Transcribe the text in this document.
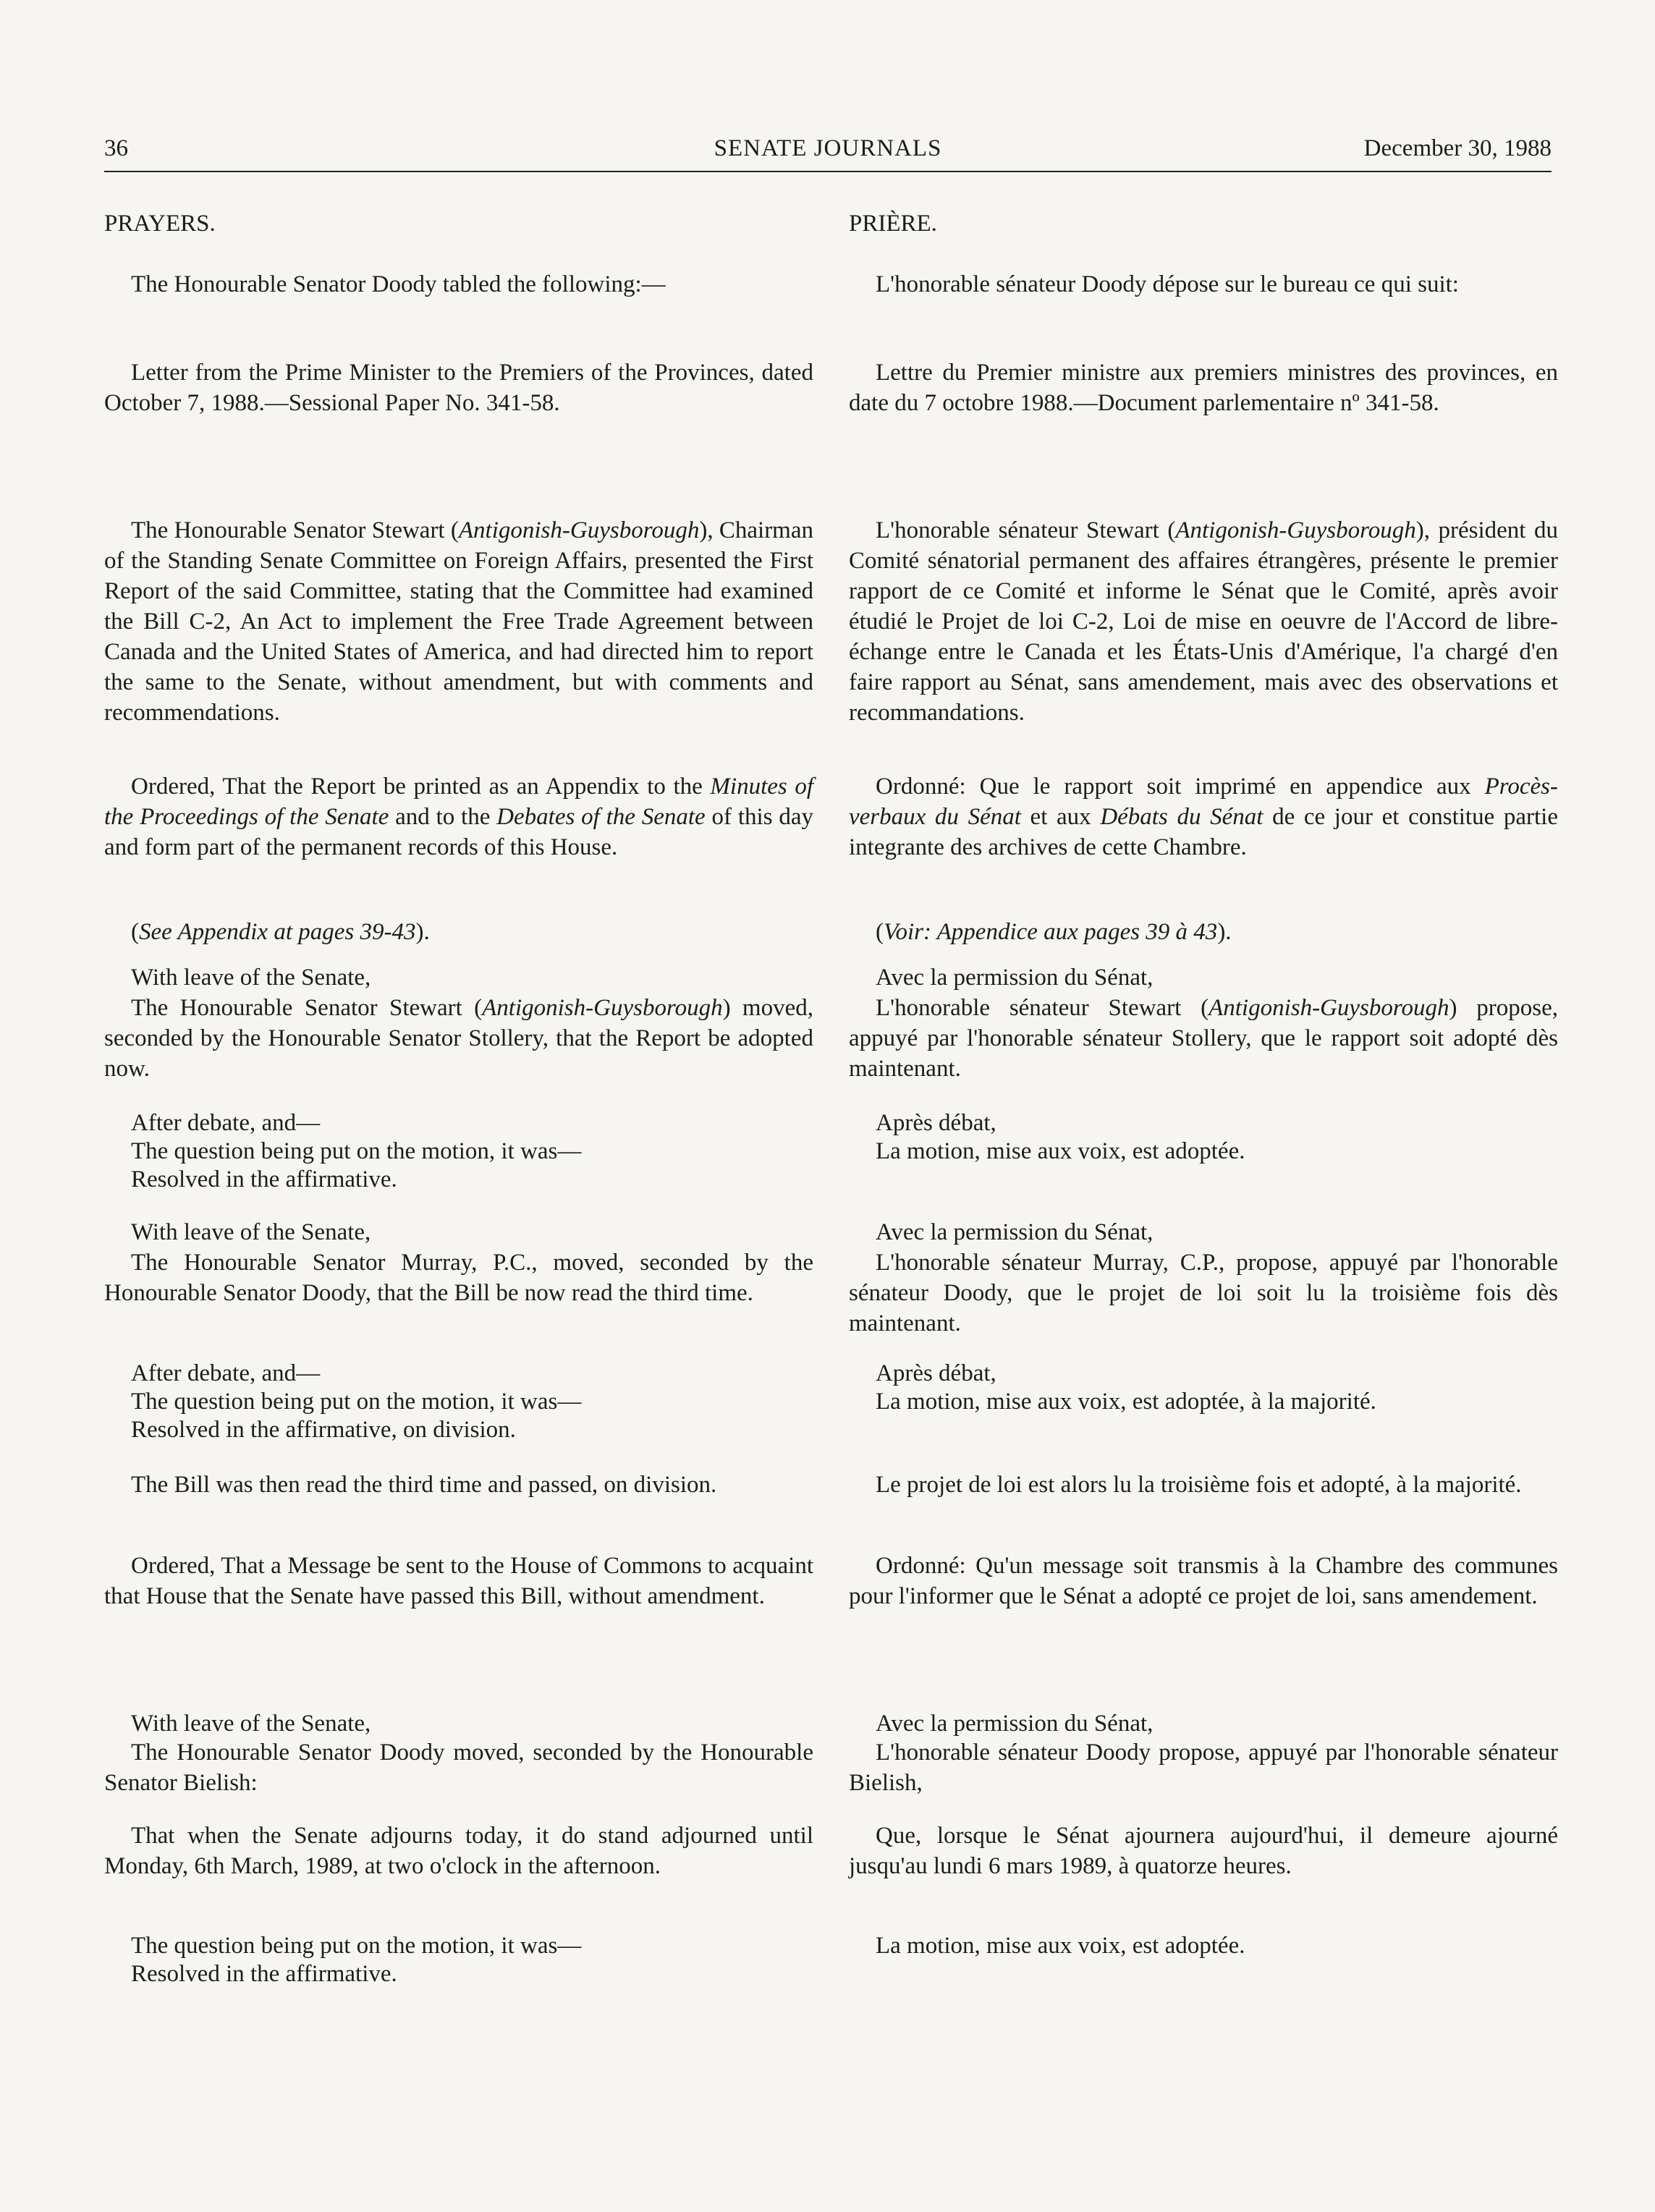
36	SENATE JOURNALS	December 30, 1988

PRAYERS.

The Honourable Senator Doody tabled the following:—

Letter from the Prime Minister to the Premiers of the Provinces, dated October 7, 1988.—Sessional Paper No. 341-58.

The Honourable Senator Stewart (Antigonish-Guysborough), Chairman of the Standing Senate Committee on Foreign Affairs, presented the First Report of the said Committee, stating that the Committee had examined the Bill C-2, An Act to implement the Free Trade Agreement between Canada and the United States of America, and had directed him to report the same to the Senate, without amendment, but with comments and recommendations.

Ordered, That the Report be printed as an Appendix to the Minutes of the Proceedings of the Senate and to the Debates of the Senate of this day and form part of the permanent records of this House.

(See Appendix at pages 39-43).

With leave of the Senate,

The Honourable Senator Stewart (Antigonish-Guysborough) moved, seconded by the Honourable Senator Stollery, that the Report be adopted now.

After debate, and—

The question being put on the motion, it was—

Resolved in the affirmative.

With leave of the Senate,

The Honourable Senator Murray, P.C., moved, seconded by the Honourable Senator Doody, that the Bill be now read the third time.

After debate, and—

The question being put on the motion, it was—

Resolved in the affirmative, on division.

The Bill was then read the third time and passed, on division.

Ordered, That a Message be sent to the House of Commons to acquaint that House that the Senate have passed this Bill, without amendment.

With leave of the Senate,

The Honourable Senator Doody moved, seconded by the Honourable Senator Bielish:

That when the Senate adjourns today, it do stand adjourned until Monday, 6th March, 1989, at two o'clock in the afternoon.

The question being put on the motion, it was—

Resolved in the affirmative.

PRIÈRE.

L'honorable sénateur Doody dépose sur le bureau ce qui suit:

Lettre du Premier ministre aux premiers ministres des provinces, en date du 7 octobre 1988.—Document parlementaire nº 341-58.

L'honorable sénateur Stewart (Antigonish-Guysborough), président du Comité sénatorial permanent des affaires étrangères, présente le premier rapport de ce Comité et informe le Sénat que le Comité, après avoir étudié le Projet de loi C-2, Loi de mise en oeuvre de l'Accord de libre-échange entre le Canada et les États-Unis d'Amérique, l'a chargé d'en faire rapport au Sénat, sans amendement, mais avec des observations et recommandations.

Ordonné: Que le rapport soit imprimé en appendice aux Procès-verbaux du Sénat et aux Débats du Sénat de ce jour et constitue partie integrante des archives de cette Chambre.

(Voir: Appendice aux pages 39 à 43).

Avec la permission du Sénat,

L'honorable sénateur Stewart (Antigonish-Guysborough) propose, appuyé par l'honorable sénateur Stollery, que le rapport soit adopté dès maintenant.

Après débat,

La motion, mise aux voix, est adoptée.

Avec la permission du Sénat,

L'honorable sénateur Murray, C.P., propose, appuyé par l'honorable sénateur Doody, que le projet de loi soit lu la troisième fois dès maintenant.

Après débat,

La motion, mise aux voix, est adoptée, à la majorité.

Le projet de loi est alors lu la troisième fois et adopté, à la majorité.

Ordonné: Qu'un message soit transmis à la Chambre des communes pour l'informer que le Sénat a adopté ce projet de loi, sans amendement.

Avec la permission du Sénat,

L'honorable sénateur Doody propose, appuyé par l'honorable sénateur Bielish,

Que, lorsque le Sénat ajournera aujourd'hui, il demeure ajourné jusqu'au lundi 6 mars 1989, à quatorze heures.

La motion, mise aux voix, est adoptée.
